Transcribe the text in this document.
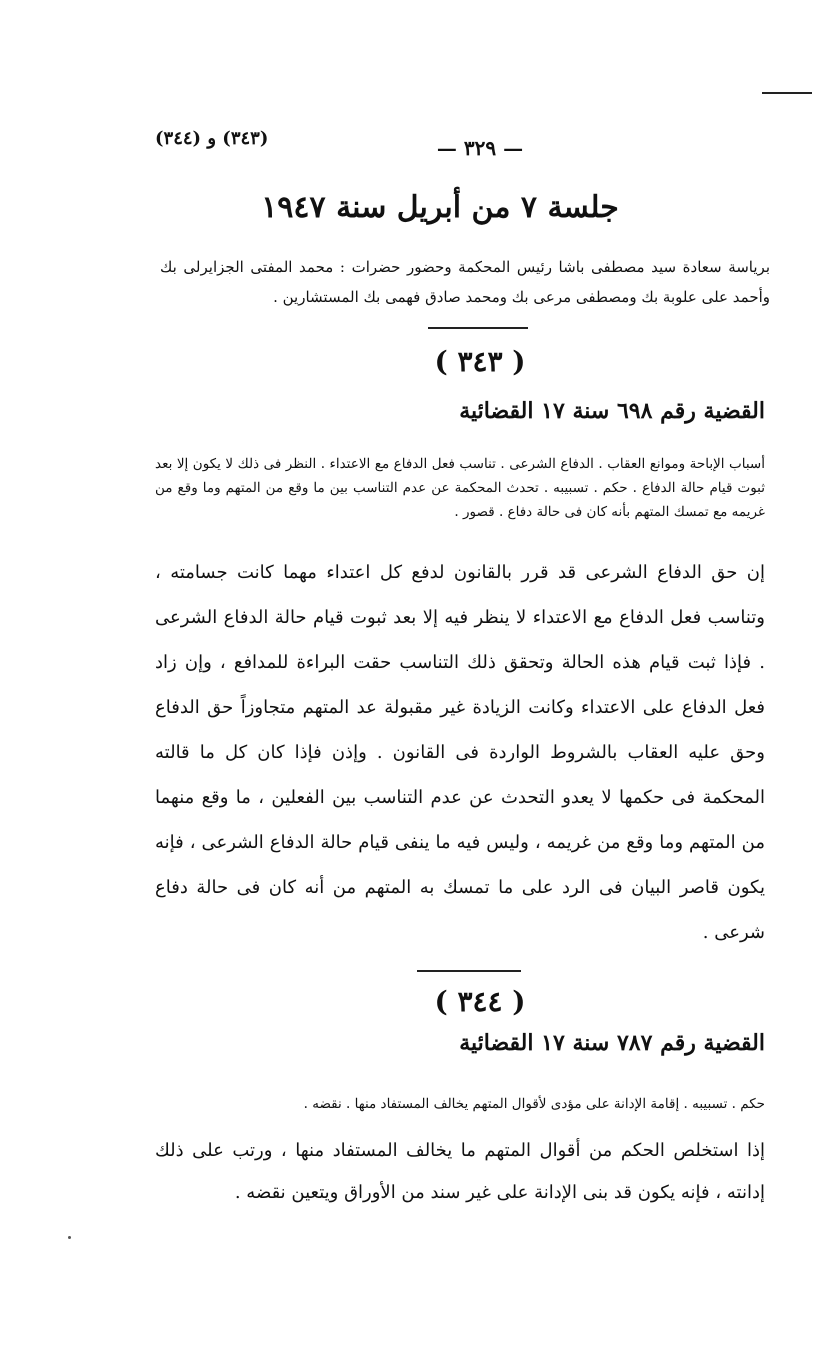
— ٣٢٩ —
(٣٤٣) و (٣٤٤)
جلسة ٧ من أبريل سنة ١٩٤٧
برياسة سعادة سيد مصطفى باشا رئيس المحكمة وحضور حضرات : محمد المفتى الجزايرلى بك وأحمد على علوبة بك ومصطفى مرعى بك ومحمد صادق فهمى بك المستشارين .
( ٣٤٣ )
القضية رقم ٦٩٨ سنة ١٧ القضائية
أسباب الإباحة وموانع العقاب . الدفاع الشرعى . تناسب فعل الدفاع مع الاعتداء . النظر فى ذلك لا يكون إلا بعد ثبوت قيام حالة الدفاع . حكم . تسبيبه . تحدث المحكمة عن عدم التناسب بين ما وقع من المتهم وما وقع من غريمه مع تمسك المتهم بأنه كان فى حالة دفاع . قصور .
إن حق الدفاع الشرعى قد قرر بالقانون لدفع كل اعتداء مهما كانت جسامته ، وتناسب فعل الدفاع مع الاعتداء لا ينظر فيه إلا بعد ثبوت قيام حالة الدفاع الشرعى . فإذا ثبت قيام هذه الحالة وتحقق ذلك التناسب حقت البراءة للمدافع ، وإن زاد فعل الدفاع على الاعتداء وكانت الزيادة غير مقبولة عد المتهم متجاوزاً حق الدفاع وحق عليه العقاب بالشروط الواردة فى القانون . وإذن فإذا كان كل ما قالته المحكمة فى حكمها لا يعدو التحدث عن عدم التناسب بين الفعلين ، ما وقع منهما من المتهم وما وقع من غريمه ، وليس فيه ما ينفى قيام حالة الدفاع الشرعى ، فإنه يكون قاصر البيان فى الرد على ما تمسك به المتهم من أنه كان فى حالة دفاع شرعى .
( ٣٤٤ )
القضية رقم ٧٨٧ سنة ١٧ القضائية
حكم . تسبيبه . إقامة الإدانة على مؤدى لأقوال المتهم يخالف المستفاد منها . نقضه .
إذا استخلص الحكم من أقوال المتهم ما يخالف المستفاد منها ، ورتب على ذلك إدانته ، فإنه يكون قد بنى الإدانة على غير سند من الأوراق ويتعين نقضه .
